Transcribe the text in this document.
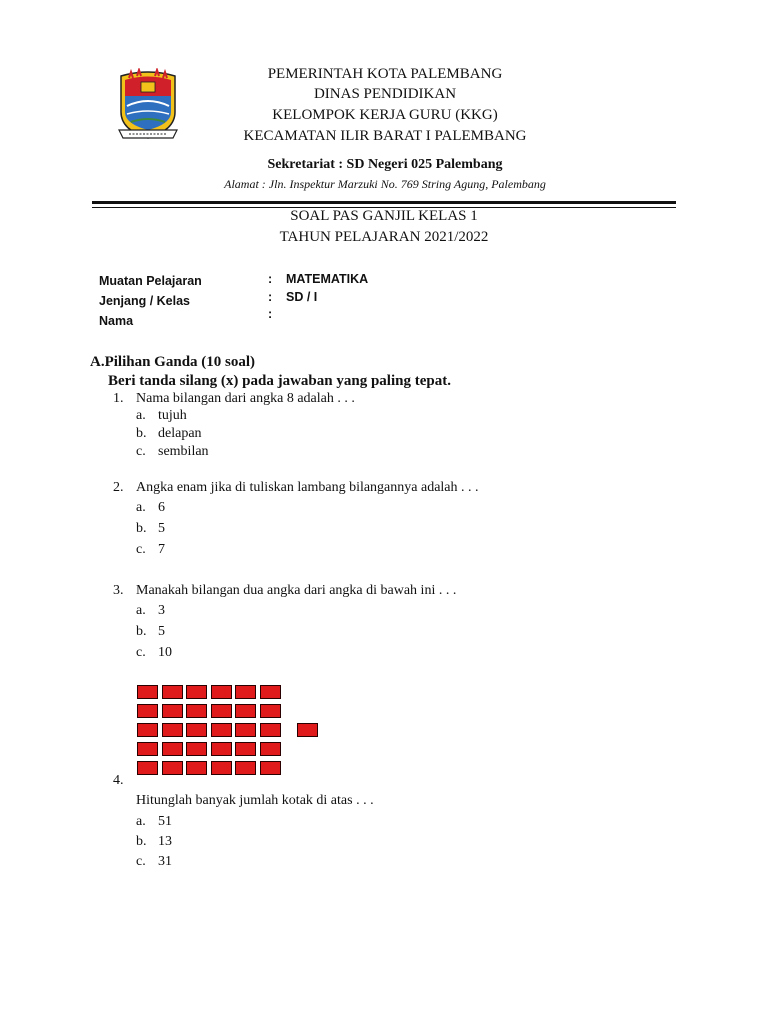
PEMERINTAH KOTA PALEMBANG
DINAS PENDIDIKAN
KELOMPOK KERJA GURU (KKG)
KECAMATAN ILIR BARAT I PALEMBANG
Sekretariat : SD Negeri 025 Palembang
Alamat : Jln. Inspektur Marzuki No. 769 String Agung, Palembang
SOAL PAS GANJIL KELAS 1
TAHUN PELAJARAN 2021/2022
Muatan Pelajaran
Jenjang / Kelas
Nama
:
:
:
MATEMATIKA
SD / I
A.Pilihan Ganda (10 soal)
Beri tanda silang (x) pada jawaban yang paling tepat.
1. Nama bilangan dari angka 8 adalah . . .
a. tujuh
b. delapan
c. sembilan
2. Angka enam jika di tuliskan lambang bilangannya adalah . . .
a. 6
b. 5
c. 7
3. Manakah bilangan dua angka dari angka di bawah ini . . .
a. 3
b. 5
c. 10
4.
Hitunglah banyak jumlah kotak di atas . . .
a. 51
b. 13
c. 31
